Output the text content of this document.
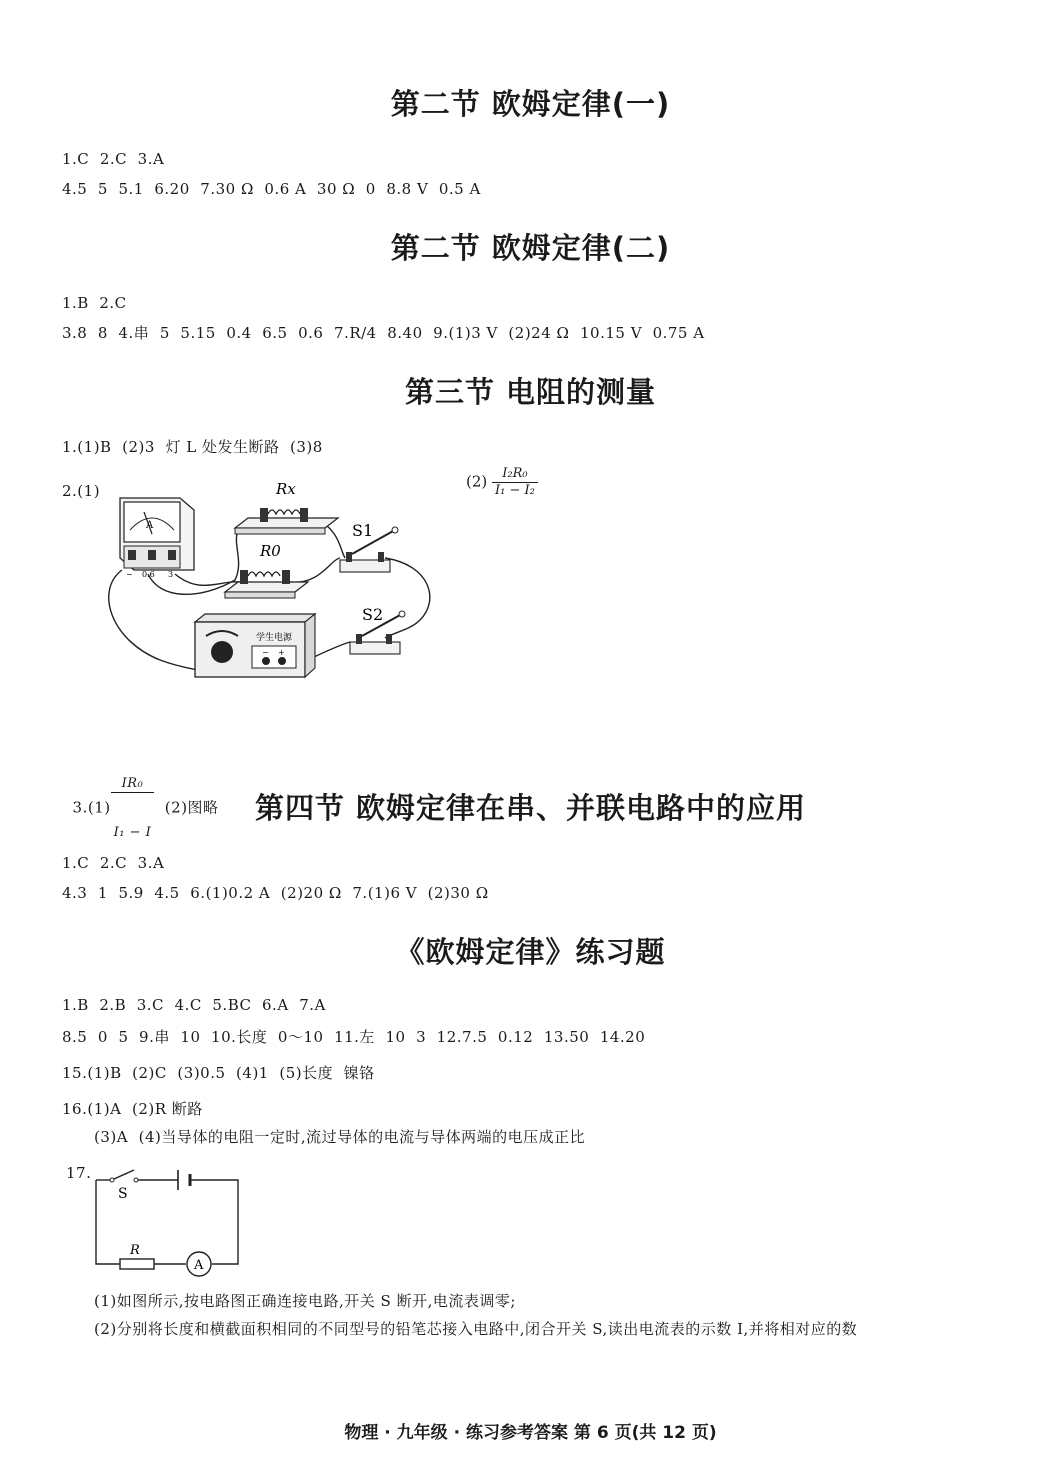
第二节 欧姆定律(一)

1.C  2.C  3.A

4.5  5  5.1  6.20  7.30 Ω  0.6 A  30 Ω  0  8.8 V  0.5 A

第二节 欧姆定律(二)

1.B  2.C

3.8  8  4.串  5  5.15  0.4  6.5  0.6  7.R/4  8.40  9.(1)3 V  (2)24 Ω  10.15 V  0.75 A

第三节 电阻的测量

1.(1)B  (2)3  灯 L 处发生断路  (3)8

2.(1)

$(2) \frac{\text{I₂R₀}}{\text{I₁ − I₂}}$
A
− 0.6 3
Rx
R0
S1
S2
学生电源
− +

3.(1)
$\frac{\text{IR₀}}{\text{I₁ − I}} (2)$图略	第四节 欧姆定律在串、并联电路中的应用

1.C  2.C  3.A

4.3  1  5.9  4.5  6.(1)0.2 A  (2)20 Ω  7.(1)6 V  (2)30 Ω

《欧姆定律》练习题

1.B  2.B  3.C  4.C  5.BC  6.A  7.A

8.5  0  5  9.串  10  10.长度  0～10  11.左  10  3  12.7.5  0.12  13.50  14.20

15.(1)B  (2)C  (3)0.5  (4)1  (5)长度  镍铬

16.(1)A  (2)R 断路

(3)A  (4)当导体的电阻一定时,流过导体的电流与导体两端的电压成正比

17.

S
R
A

(1)如图所示,按电路图正确连接电路,开关 S 断开,电流表调零;

(2)分别将长度和横截面积相同的不同型号的铅笔芯接入电路中,闭合开关 S,读出电流表的示数 I,并将相对应的数

物理 · 九年级 · 练习参考答案 第 6 页(共 12 页)
